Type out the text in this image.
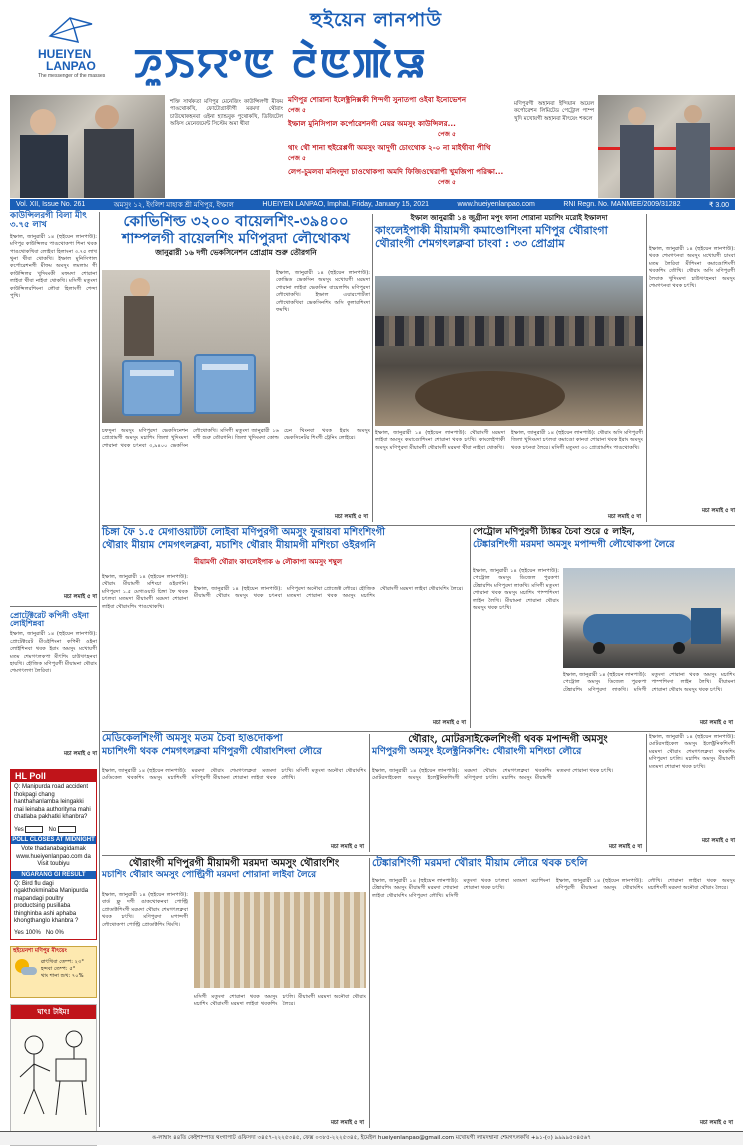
HUEIYEN
LANPAO
The messenger of the masses
হুইয়েন লানপাউ
ꯍꯨꯏꯌꯦꯟ ꯂꯥꯟꯄꯥꯎ
শক্তি সাৰ্থকতা মণিপুর মেনেজিং কাউন্সিলগী মীফম পাঙথোকখি, ফোটোগ্রাফীগী মরমদা থৌরাং চাউথোকহনবা ওইনা হ্যান্ডবুক পুথোকখি, ডিজিটেল অফিস মেনেজমেন্ট সিস্টেম অমা থীবা
মণিপুর শোরানা ইলেক্ট্রনিক্সকী শিন্দগী সুনাতপা ওইবা ইনোভেশন
পেজ ৫
ইম্ফাল মুনিসিপাল কর্পোরেশনগী মেয়র অমসুং কাউন্সিলর...
পেজ ৫
থাং থৌ শানা হুইরেপ্পগী অমসুং আদুগী চোংথোক ২-০ না মাইথীবা পীখি
পেজ ৫
লেপ-চুমলবা মনিংদুদা চাওথোকপা অমদি ফিজিওথেরাপী খুমজিপা পরিক্ষা...
পেজ ৫
মণিপুরগী অহানবা ইন্দিয়ান অয়েল কর্পোরেশন লিমিটেড পেট্রোল পাম্প খুদি মখোয়গী অহানবা মীৎয়েং শকলে
Vol. XII, Issue No. 261	অমসুং ১২, ইংলিশ মাহাক শ্রী মণিপুর, ইম্ফাল	HUEIYEN LANPAO, Imphal, Friday, January 15, 2021	www.hueiyenlanpao.com	RNI Regn. No. MANMEE/2009/31282	₹ 3.00
কাউন্সিলরগী বিলা মীৎ ৩.৭৫ লাখ
ইম্ফাল, জানুৱারী ১৪ (হুইয়েন লানপাউ): মণিপুর কাউন্সিলর পাঙথোকপা শিনা থবক পাঙথোকখিবা লোইবা হিলাংনা ৩.৭৫ লাখ থুনা থীবা থোকখি। ইম্ফাল মুনিসিপাল কর্পোরেশনগী মীফম অমসুং লমলাম গী কাউন্সিলর খুদিংমকী মফমদা শোরানা লাইবা থীবা নাইবা থোকখি। মসিগী মতুংদা কাউন্সিলরশিংনা লৌবা হিলাংগী শেন্দা পুখি।
মচা লমাই ৫ দা
প্রোটেক্টরেট কপিনী ওইনা লোইশিন্নবা
ইম্ফাল, জানুৱারী ১৪ (হুইয়েন লানপাউ): প্রোটেক্টরেট মীওইশিংনা কপিনী ওইনা লোইশিনবা থবক ইরাং অমসুং মখোয়গী মতম শেমগৎলকপা মীৎশিং চাউখৎহনবা হায়খি। হৌজিক মণিপুরগী মীয়ামনা থৌরাং শেমগৎলগা লৈরিবা।
মচা লমাই ৫ দা
HL Poll
Q: Manipurda road accident thokpagi chang hanthahanlamba leingakki mai leinaba authorityna mahi chatlaba pakhatki khanbra?
Yes	No
POLL CLOSES AT MIDNIGHT
Vote thadanabagidamak www.hueiyenlanpao.com da Visit toubiyu
NGARANG GI RESULT
Q: Bird flu dagi ngakthokminaba Manipurda mapandagi poultry productsing pusillaba thinghinba ashi aphaba khongthanglo khanbra ?
Yes 100% No 0%
হুইয়েনশা মণিপুর মীৎয়েং
ৱাৎখিবা তেম্প: ২৩°
হন্দবা তেম্প: ৫°
থাং শানা শুখ: ৭০%
ঘাৎ! টাইম!
কোভিশিল্ড ৩২০০ বায়েলশিং-৩৯৪০০
শাম্পলগী বায়েলশিং মণিপুরদা লৌথোকখ
জানুৱারী ১৬ দগী ভেকসিনেশন প্রোগ্রাম শুরু তৌরগনি
ইম্ফাল, জানুৱারী ১৪ (হুইয়েন লানপাউ): কোভিড ভেকসিন অমসুং মখোয়গী মরমদা শোরানা লাইবা ভেকসিন বায়েলশিং মণিপুরদা লৌথোকখি। ইম্ফাল এয়ারপোর্টতা লৌথোকখিবা ভেকসিনশিং অসি কুলারশিংদা ফমখি।
চফদুনা অমসুং মণিপুরদা ভেকসিনেশন প্রোগ্রামগী অমসুং মচাশিং জিলা খুদিংমদা শোরানা থবক চৎনবা ৩,৯৪০০ ভেকসিন লৌথোকখি। মসিগী মতুংদা জানুৱারী ১৬ দগী শুরু তৌরগনি। জিলা খুদিংমদা কোল্ড চেন থিংনবা থবক ইরাং অমসুং ভেকসিনেটর শিংগী ট্রেনিং লোইরে।
মচা লমাই ৫ দা
ইম্ফাল জানুৱারী ১৪ জুগ্রীনা মপুং ফানা শোরানা মচাশিং মরোই ইম্ফালদা
কাংলেইপাকী মীয়ামগী কমাণ্ডোশিংনা মণিপুর থৌরাংগা
থৌরাংগী শেমগৎলক্লবা চাংবা : ৩৩ প্রোগ্রাম
ইম্ফাল, জানুৱারী ১৪ (হুইয়েন লানপাউ): থৌরাংগী মরমদা লাইবা অমসুং কমাণ্ডোশিংনা শোরানা থবক চৎখি। কাংলেইপাকী অমসুং মণিপুরদা মীয়ামগী থৌরাংগী মরমদা থীবা নাইবা থোকখি।
ইম্ফাল, জানুৱারী ১৪ (হুইয়েন লানপাউ): থৌরাং অসি মণিপুরগী জিলা খুদিংমদা চৎলবা কমাণ্ডো কানবা শোরানা থবক ইরাং অমসুং থবক চৎনবা লৈরে। মসিগী মতুংদা ৩৩ প্রোগ্রামশিং পাঙথোকখি।
মচা লমাই ৫ দা
ইম্ফাল, জানুৱারী ১৪ (হুইয়েন লানপাউ): থবক শেমগৎনবা অমসুং মখোয়গী চাংবা মতম লৈরিবা মীশিংনা কমাণ্ডোশিংগী থবকশিং তৌখি। থৌরাং অসি মণিপুরগী লৈবাক খুদিংমদা চাউখৎহনবা অমসুং শেমগৎনবা থবক চৎখি।
মচা লমাই ৫ দা
চিঙ্গা ফৈ ১.৫ মেগাওয়াটটা লোইবা মণিপুরগী অমসুং ফুরায়বা মশিংশিংগী
থৌরাং মীয়াম শেমগৎলক্লবা, মচাশিং থৌরাং মীয়ামগী মশিংচা ওইরগনি
মীয়ামগী থৌরাং কাংলেইপাক ৬ লৌকাপা অমসুং শম্বুল
ইম্ফাল, জানুৱারী ১৪ (হুইয়েন লানপাউ): থৌরাং মীয়ামগী মশিংচা ওইরগনি। মণিপুরদা ১.৫ মেগাওয়াট চিঙ্গা ফৈ থবক চৎলবা মতমদা মীয়ামগী মরমদা শোরানা লাইবা থৌরাংশিং পাঙথোকখি।
ইম্ফাল, জানুৱারী ১৪ (হুইয়েন লানপাউ): মীয়ামগী থৌরাং অমসুং থবক চৎনবা মণিপুরদা অনৌবা প্রোজেক্ট লৌরে। হৌজিক মতমদা শোরানা থবক অমসুং মচাশিং থৌরাংগী মরমদা লাইবা থৌরাংশিং লৈরে।
মচা লমাই ৫ দা
পেট্রোল মণিপুরগী ট্যাঙ্কর চৈবা শুরে ৫ লাইন,
টেঙ্কারশিংগী মরমদা অমসুং মপান্দগী লৌথোকপা লৈরে
ইম্ফাল, জানুৱারী ১৪ (হুইয়েন লানপাউ): পেট্রোল অমসুং ডিজেল পুরকপা টেঙ্কারশিং মণিপুরদা লাকখি। মসিগী মতুংদা শোরানা থবক অমসুং মচাশিং পাম্পশিংদা লাইন লৈখি। মীয়ামনা শোরানা থৌরাং অমসুং থবক চৎখি।
ইম্ফাল, জানুৱারী ১৪ (হুইয়েন লানপাউ): পেট্রোল অমসুং ডিজেল পুরকপা টেঙ্কারশিং মণিপুরদা লাকখি। মসিগী মতুংদা শোরানা থবক অমসুং মচাশিং পাম্পশিংদা লাইন লৈখি। মীয়ামনা শোরানা থৌরাং অমসুং থবক চৎখি।
মচা লমাই ৫ দা
মেডিকেলশিংগী অমসুং মতম চৈবা হাঙদোকপা
মচাশিংগী থবক শেমগৎলক্লবা মণিপুরগী থৌরাংশিংদা লৌরে
ইম্ফাল, জানুৱারী ১৪ (হুইয়েন লানপাউ): মেডিকেল থবকশিং অমসুং মচাশিংগী মরমদা থৌরাং শেমগৎলক্লবা মতমদা মণিপুরগী মীয়ামনা শোরানা লাইবা থবক চৎখি। মসিগী মতুংদা অনৌবা থৌরাংশিং লৌখি।
মচা লমাই ৫ দা
থৌরাং, মোটরসাইকেলশিংগী থবক মপান্দগী অমসুং
মণিপুরগী অমসুং ইলেক্ট্রনিকশিং: থৌরাংগী মশিংচা লৌরে
ইম্ফাল, জানুৱারী ১৪ (হুইয়েন লানপাউ): মোটরসাইকেল অমসুং ইলেক্ট্রনিকশিংগী মরমদা থৌরাং শেমগৎলক্লবা থবকশিং মণিপুরদা চৎলি। মচাশিং অমসুং মীয়ামগী মতমদা শোরানা থবক চৎখি।
মচা লমাই ৫ দা
ইম্ফাল, জানুৱারী ১৪ (হুইয়েন লানপাউ): মোটরসাইকেল অমসুং ইলেক্ট্রনিকশিংগী মরমদা থৌরাং শেমগৎলক্লবা থবকশিং মণিপুরদা চৎলি। মচাশিং অমসুং মীয়ামগী মতমদা শোরানা থবক চৎখি।
মচা লমাই ৫ দা
থৌরাংগী মণিপুরগী মীয়ামগী মরমদা অমসুং থৌরাংশিং
মচাশিং থৌরাং অমসুং পোল্ট্রিগী মরমদা শোরানা লাইবা লৈরে
ইম্ফাল, জানুৱারী ১৪ (হুইয়েন লানপাউ): বার্ড ফ্লু দগী ঙাকথোকনবা পোল্ট্রি প্রোডাক্টশিংগী মরমদা থৌরাং শেমগৎলক্লবা থবক চৎখি। মণিপুরদা মপান্দগী লৌথোকপা পোল্ট্রি প্রোডাক্টশিং থিংখি।
মসিগী মতুংদা শোরানা থবক অমসুং মচাশিং থৌরাংগী মরমদা লাইবা থবকশিং চৎলি। মীয়ামগী মরমদা অনৌবা থৌরাং লৈরে।
মচা লমাই ৫ দা
টেঙ্কারশিংগী মরমদা থৌরাং মীয়াম লৌরে থবক চৎলি
ইম্ফাল, জানুৱারী ১৪ (হুইয়েন লানপাউ): টেঙ্কারশিং অমসুং মীয়ামগী মরমদা শোরানা লাইবা থৌরাংশিং মণিপুরদা লৌখি। মসিগী মতুংদা থবক চৎলবা মতমদা মচাশিংনা শোরানা থবক চৎখি।
ইম্ফাল, জানুৱারী ১৪ (হুইয়েন লানপাউ): মণিপুরগী মীয়ামনা অমসুং থৌরাংশিং লৌখি। শোরানা লাইবা থবক অমসুং মচাশিংগী মরমদা অনৌবা থৌরাং লৈরে।
মচা লমাই ৫ দা
ঙ-লাম্বাং ৪৪তি কেইশাম্পাত থংগাপাট ওফিসদা ৩৪৫৭-২২২৫৩৪৫, ফেক্স ০৩৮৫-২২২৫৩৪৫, ইমেইল hueiyenlanpao@gmail.com মখোয়গী লামদম্বানা শেমগৎলকখি +৯১-(০) ৯৯৯৯৫৩৪৫৬৭
